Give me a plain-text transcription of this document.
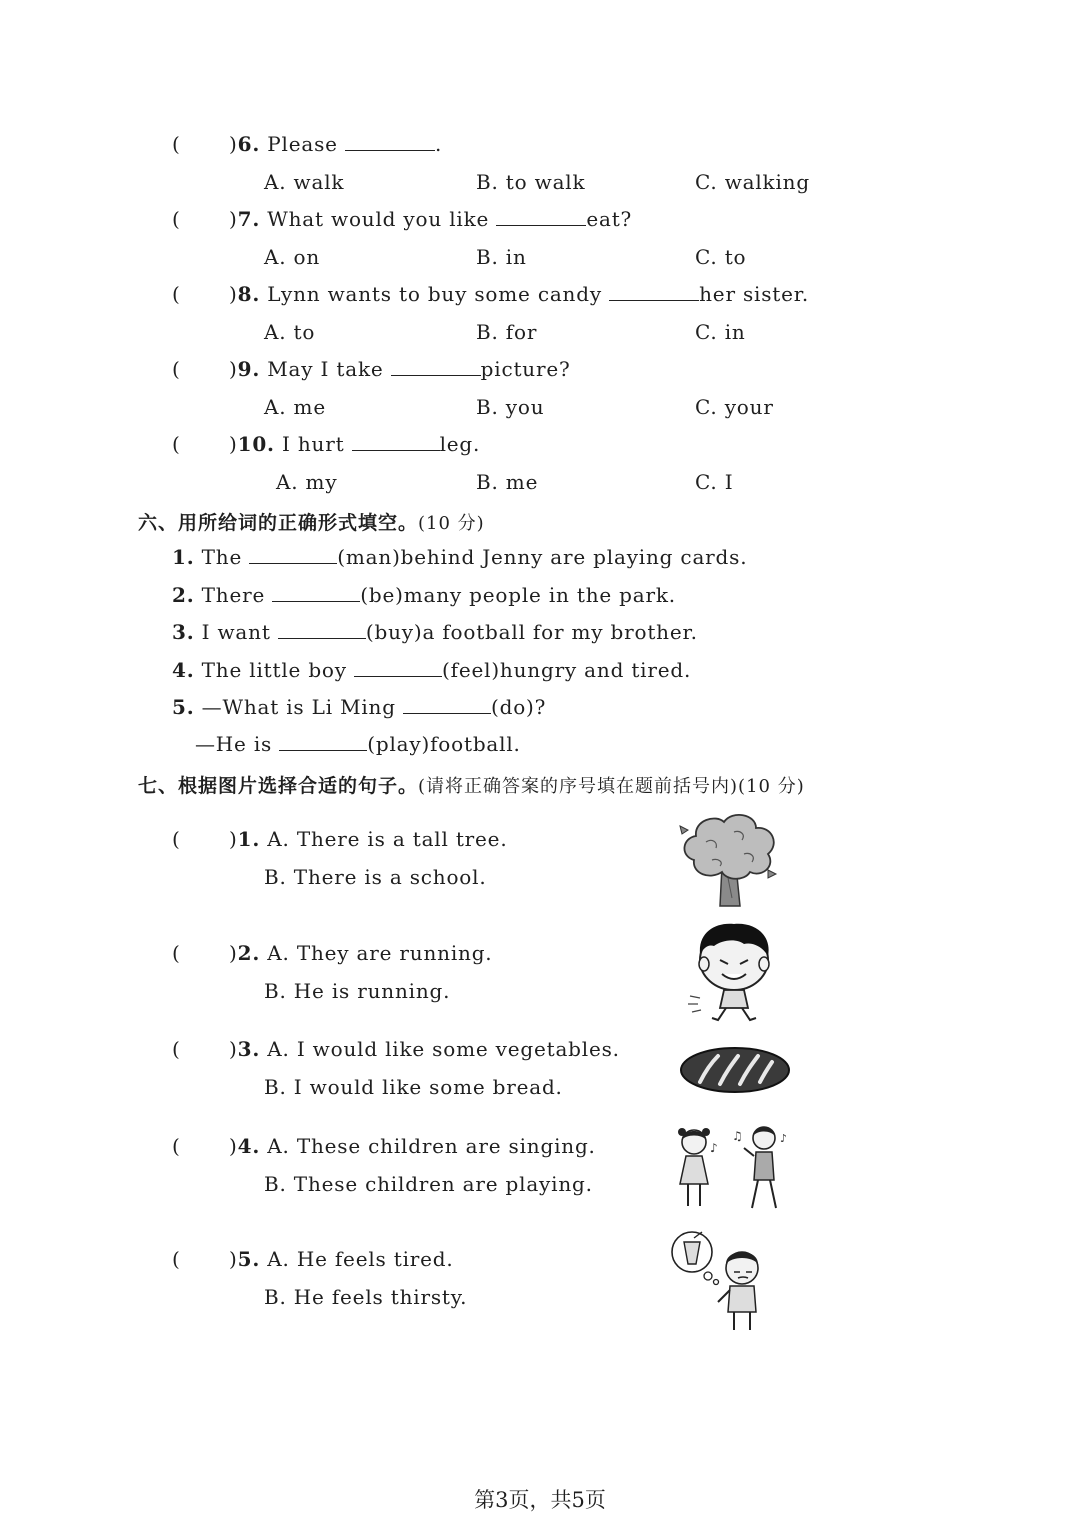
( )6. Please	.
A. walk	B. to walk	C. walking
( )7. What would you like	eat?
A. on	B. in	C. to
( )8. Lynn wants to buy some candy	her sister.
A. to	B. for	C. in
( )9. May I take	picture?
A. me	B. you	C. your
( )10. I hurt	leg.
A. my	B. me	C. I
六、用所给词的正确形式填空。(10 分)
1. The	(man)behind Jenny are playing cards.
2. There	(be)many people in the park.
3. I want	(buy)a football for my brother.
4. The little boy	(feel)hungry and tired.
5. —What is Li Ming	(do)?
—He is	(play)football.
七、根据图片选择合适的句子。(请将正确答案的序号填在题前括号内)(10 分)
( )1. A. There is a tall tree.
B. There is a school.
( )2. A. They are running.
B. He is running.
( )3. A. I would like some vegetables.
B. I would like some bread.
( )4. A. These children are singing.
B. These children are playing.
♪
♫	♪
( )5. A. He feels tired.
B. He feels thirsty.
第3页，共5页
